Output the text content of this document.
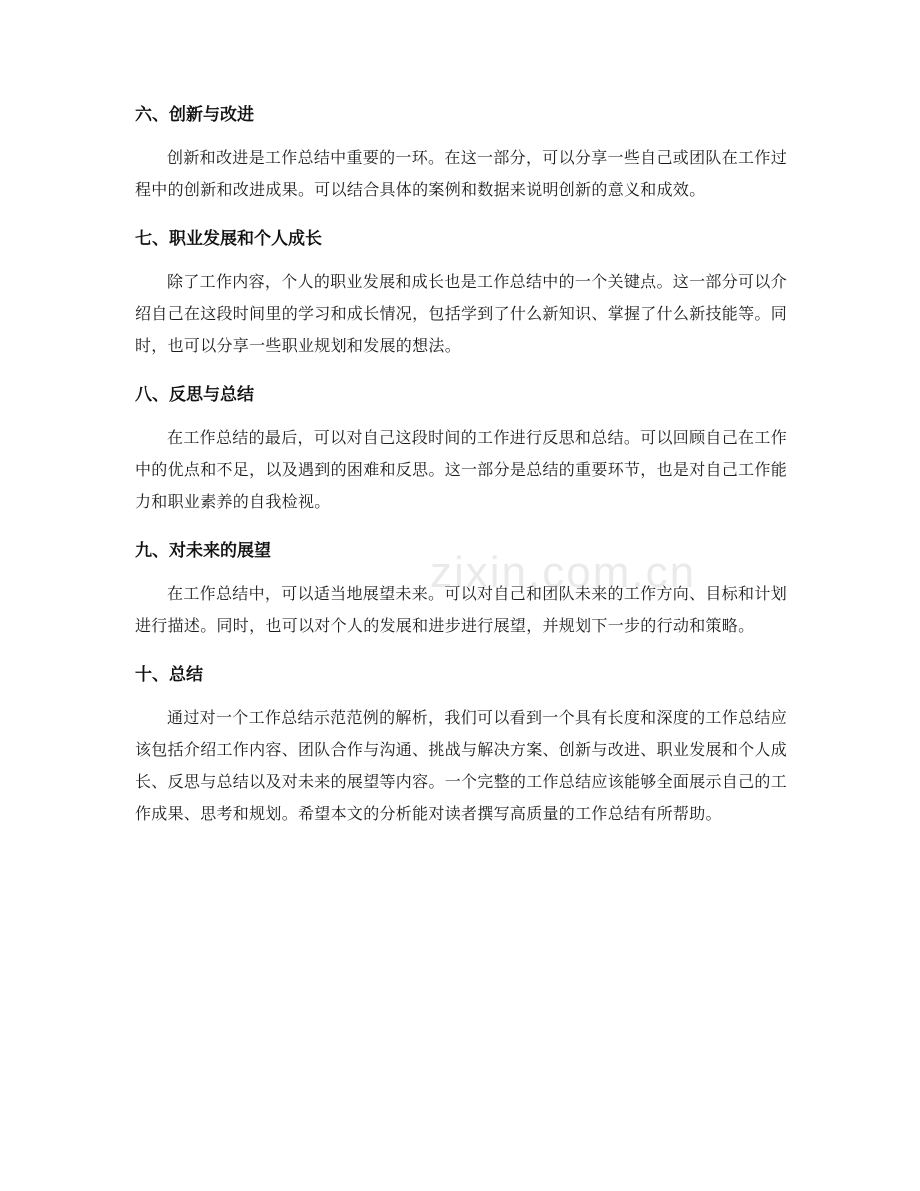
六、创新与改进

创新和改进是工作总结中重要的一环。在这一部分，可以分享一些自己或团队在工作过程中的创新和改进成果。可以结合具体的案例和数据来说明创新的意义和成效。

七、职业发展和个人成长

除了工作内容，个人的职业发展和成长也是工作总结中的一个关键点。这一部分可以介绍自己在这段时间里的学习和成长情况，包括学到了什么新知识、掌握了什么新技能等。同时，也可以分享一些职业规划和发展的想法。

八、反思与总结

在工作总结的最后，可以对自己这段时间的工作进行反思和总结。可以回顾自己在工作中的优点和不足，以及遇到的困难和反思。这一部分是总结的重要环节，也是对自己工作能力和职业素养的自我检视。

九、对未来的展望

在工作总结中，可以适当地展望未来。可以对自己和团队未来的工作方向、目标和计划进行描述。同时，也可以对个人的发展和进步进行展望，并规划下一步的行动和策略。

十、总结

通过对一个工作总结示范范例的解析，我们可以看到一个具有长度和深度的工作总结应该包括介绍工作内容、团队合作与沟通、挑战与解决方案、创新与改进、职业发展和个人成长、反思与总结以及对未来的展望等内容。一个完整的工作总结应该能够全面展示自己的工作成果、思考和规划。希望本文的分析能对读者撰写高质量的工作总结有所帮助。

zixin.com.cn
